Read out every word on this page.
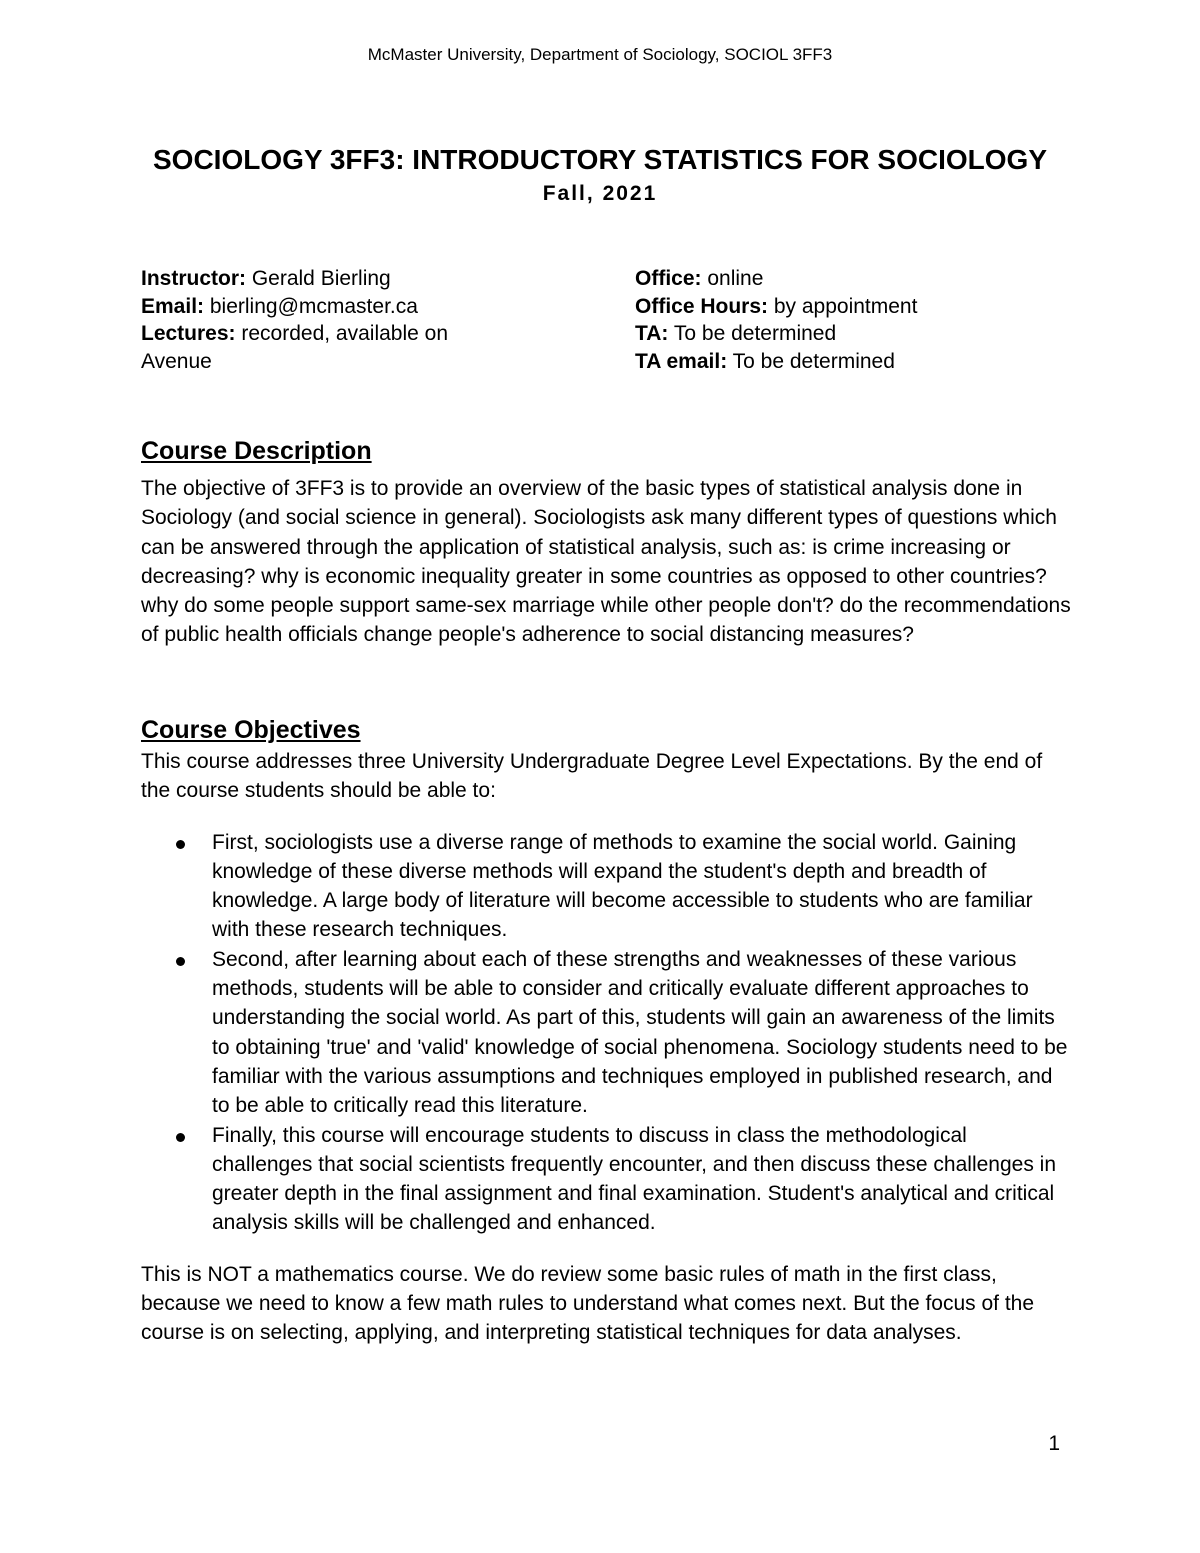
McMaster University, Department of Sociology, SOCIOL 3FF3

SOCIOLOGY 3FF3: INTRODUCTORY STATISTICS FOR SOCIOLOGY

Fall, 2021

Instructor: Gerald Bierling
Email: bierling@mcmaster.ca
Lectures: recorded, available on Avenue
Office: online
Office Hours: by appointment
TA: To be determined
TA email: To be determined

Course Description

The objective of 3FF3 is to provide an overview of the basic types of statistical analysis done in Sociology (and social science in general). Sociologists ask many different types of questions which can be answered through the application of statistical analysis, such as: is crime increasing or decreasing? why is economic inequality greater in some countries as opposed to other countries? why do some people support same-sex marriage while other people don't? do the recommendations of public health officials change people's adherence to social distancing measures?

Course Objectives

This course addresses three University Undergraduate Degree Level Expectations. By the end of the course students should be able to:

First, sociologists use a diverse range of methods to examine the social world. Gaining knowledge of these diverse methods will expand the student's depth and breadth of knowledge. A large body of literature will become accessible to students who are familiar with these research techniques.
Second, after learning about each of these strengths and weaknesses of these various methods, students will be able to consider and critically evaluate different approaches to understanding the social world. As part of this, students will gain an awareness of the limits to obtaining 'true' and 'valid' knowledge of social phenomena. Sociology students need to be familiar with the various assumptions and techniques employed in published research, and to be able to critically read this literature.
Finally, this course will encourage students to discuss in class the methodological challenges that social scientists frequently encounter, and then discuss these challenges in greater depth in the final assignment and final examination. Student's analytical and critical analysis skills will be challenged and enhanced.

This is NOT a mathematics course. We do review some basic rules of math in the first class, because we need to know a few math rules to understand what comes next. But the focus of the course is on selecting, applying, and interpreting statistical techniques for data analyses.

1
